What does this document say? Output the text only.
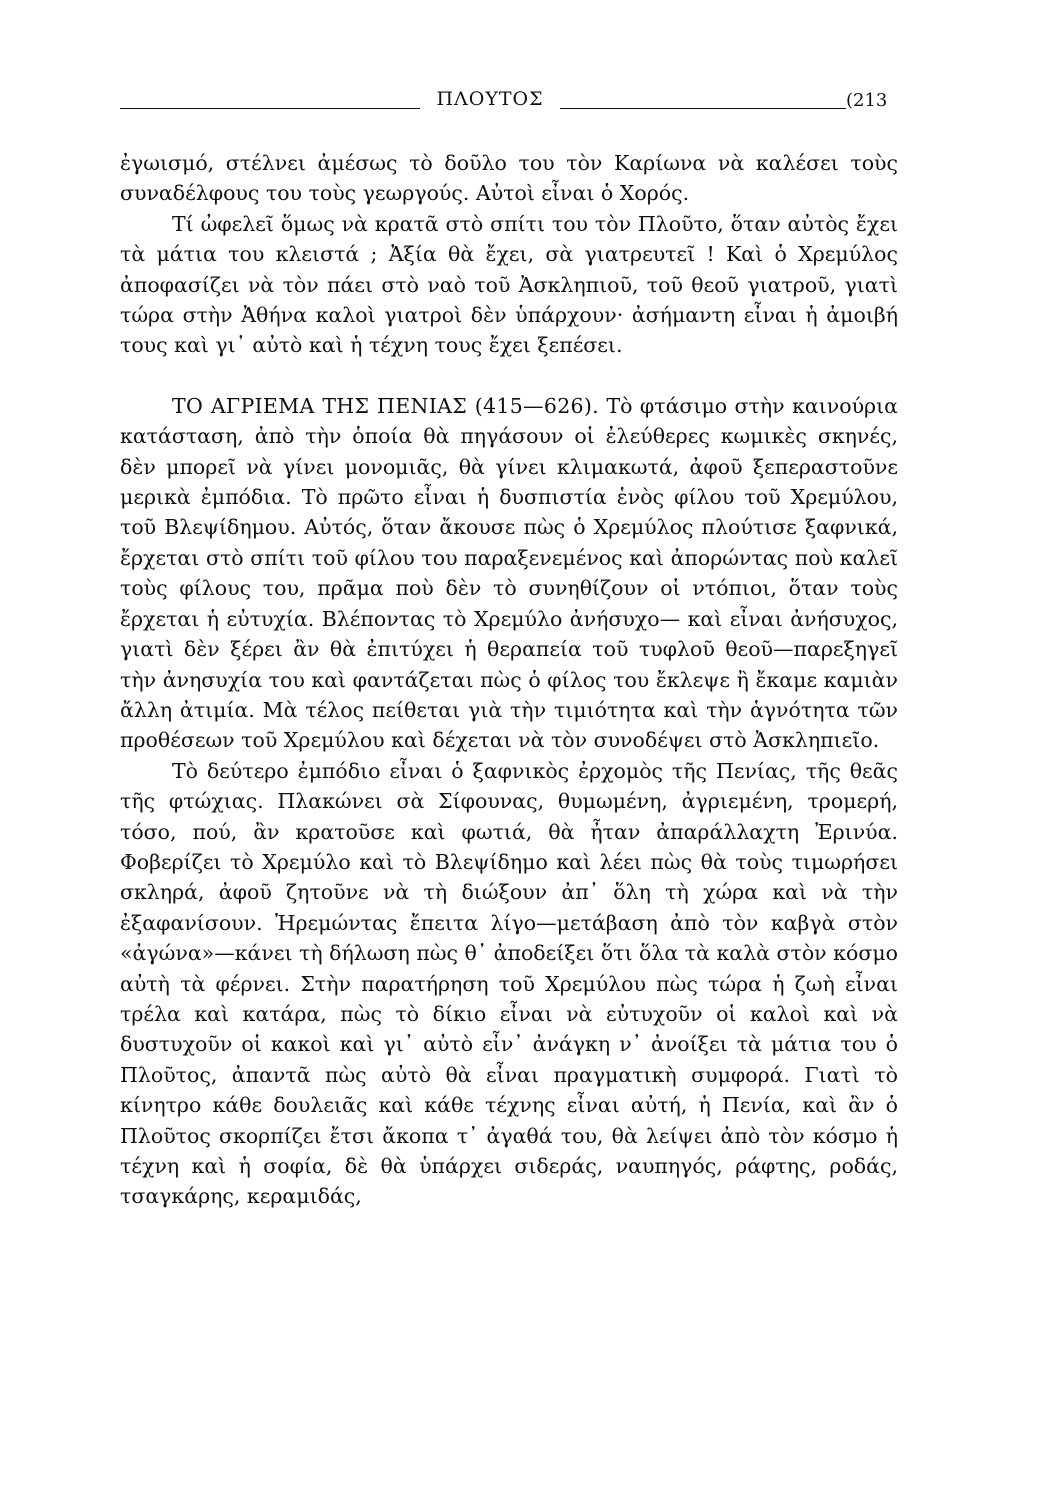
ΠΛΟΥΤΟΣ	(213

ἐγωισμό, στέλνει ἀμέσως τὸ δοῦλο του τὸν Καρίωνα νὰ καλέσει τοὺς συναδέλφους του τοὺς γεωργούς. Αὐτοὶ εἶναι ὁ Χορός.

Τί ὠφελεῖ ὅμως νὰ κρατᾶ στὸ σπίτι του τὸν Πλοῦτο, ὅταν αὐτὸς ἔχει τὰ μάτια του κλειστά ; Ἀξία θὰ ἔχει, σὰ γιατρευτεῖ ! Καὶ ὁ Χρεμύλος ἀποφασίζει νὰ τὸν πάει στὸ ναὸ τοῦ Ἀσκληπιοῦ, τοῦ θεοῦ γιατροῦ, γιατὶ τώρα στὴν Ἀθήνα καλοὶ γιατροὶ δὲν ὑπάρχουν· ἀσήμαντη εἶναι ἡ ἀμοιβή τους καὶ γι᾿ αὐτὸ καὶ ἡ τέχνη τους ἔχει ξεπέσει.

ΤΟ ΑΓΡΙΕΜΑ ΤΗΣ ΠΕΝΙΑΣ (415—626). Τὸ φτάσιμο στὴν καινούρια κατάσταση, ἀπὸ τὴν ὁποία θὰ πηγάσουν οἱ ἐλεύθερες κωμικὲς σκηνές, δὲν μπορεῖ νὰ γίνει μονομιᾶς, θὰ γίνει κλιμακωτά, ἀφοῦ ξεπεραστοῦνε μερικὰ ἐμπόδια. Τὸ πρῶτο εἶναι ἡ δυσπιστία ἑνὸς φίλου τοῦ Χρεμύλου, τοῦ Βλεψίδημου. Αὐτός, ὅταν ἄκουσε πὼς ὁ Χρεμύλος πλούτισε ξαφνικά, ἔρχεται στὸ σπίτι τοῦ φίλου του παραξενεμένος καὶ ἀπορώντας ποὺ καλεῖ τοὺς φίλους του, πρᾶμα ποὺ δὲν τὸ συνηθίζουν οἱ ντόπιοι, ὅταν τοὺς ἔρχεται ἡ εὐτυχία. Βλέποντας τὸ Χρεμύλο ἀνήσυχο— καὶ εἶναι ἀνήσυχος, γιατὶ δὲν ξέρει ἂν θὰ ἐπιτύχει ἡ θεραπεία τοῦ τυφλοῦ θεοῦ—παρεξηγεῖ τὴν ἀνησυχία του καὶ φαντάζεται πὼς ὁ φίλος του ἔκλεψε ἢ ἔκαμε καμιὰν ἄλλη ἀτιμία. Μὰ τέλος πείθεται γιὰ τὴν τιμιότητα καὶ τὴν ἁγνότητα τῶν προθέσεων τοῦ Χρεμύλου καὶ δέχεται νὰ τὸν συνοδέψει στὸ Ἀσκληπιεῖο.

Τὸ δεύτερο ἐμπόδιο εἶναι ὁ ξαφνικὸς ἐρχομὸς τῆς Πενίας, τῆς θεᾶς τῆς φτώχιας. Πλακώνει σὰ Σίφουνας, θυμωμένη, ἀγριεμένη, τρομερή, τόσο, πού, ἂν κρατοῦσε καὶ φωτιά, θὰ ἦταν ἀπαράλλαχτη Ἐρινύα. Φοβερίζει τὸ Χρεμύλο καὶ τὸ Βλεψίδημο καὶ λέει πὼς θὰ τοὺς τιμωρήσει σκληρά, ἀφοῦ ζητοῦνε νὰ τὴ διώξουν ἀπ᾿ ὅλη τὴ χώρα καὶ νὰ τὴν ἐξαφανίσουν. Ἠρεμώντας ἔπειτα λίγο—μετάβαση ἀπὸ τὸν καβγὰ στὸν «ἀγώνα»—κάνει τὴ δήλωση πὼς θ᾿ ἀποδείξει ὅτι ὅλα τὰ καλὰ στὸν κόσμο αὐτὴ τὰ φέρνει. Στὴν παρατήρηση τοῦ Χρεμύλου πὼς τώρα ἡ ζωὴ εἶναι τρέλα καὶ κατάρα, πὼς τὸ δίκιο εἶναι νὰ εὐτυχοῦν οἱ καλοὶ καὶ νὰ δυστυχοῦν οἱ κακοὶ καὶ γι᾿ αὐτὸ εἶν᾿ ἀνάγκη ν᾿ ἀνοίξει τὰ μάτια του ὁ Πλοῦτος, ἀπαντᾶ πὼς αὐτὸ θὰ εἶναι πραγματικὴ συμφορά. Γιατὶ τὸ κίνητρο κάθε δουλειᾶς καὶ κάθε τέχνης εἶναι αὐτή, ἡ Πενία, καὶ ἂν ὁ Πλοῦτος σκορπίζει ἔτσι ἄκοπα τ᾿ ἀγαθά του, θὰ λείψει ἀπὸ τὸν κόσμο ἡ τέχνη καὶ ἡ σοφία, δὲ θὰ ὑπάρχει σιδεράς, ναυπηγός, ράφτης, ροδάς, τσαγκάρης, κεραμιδάς,
